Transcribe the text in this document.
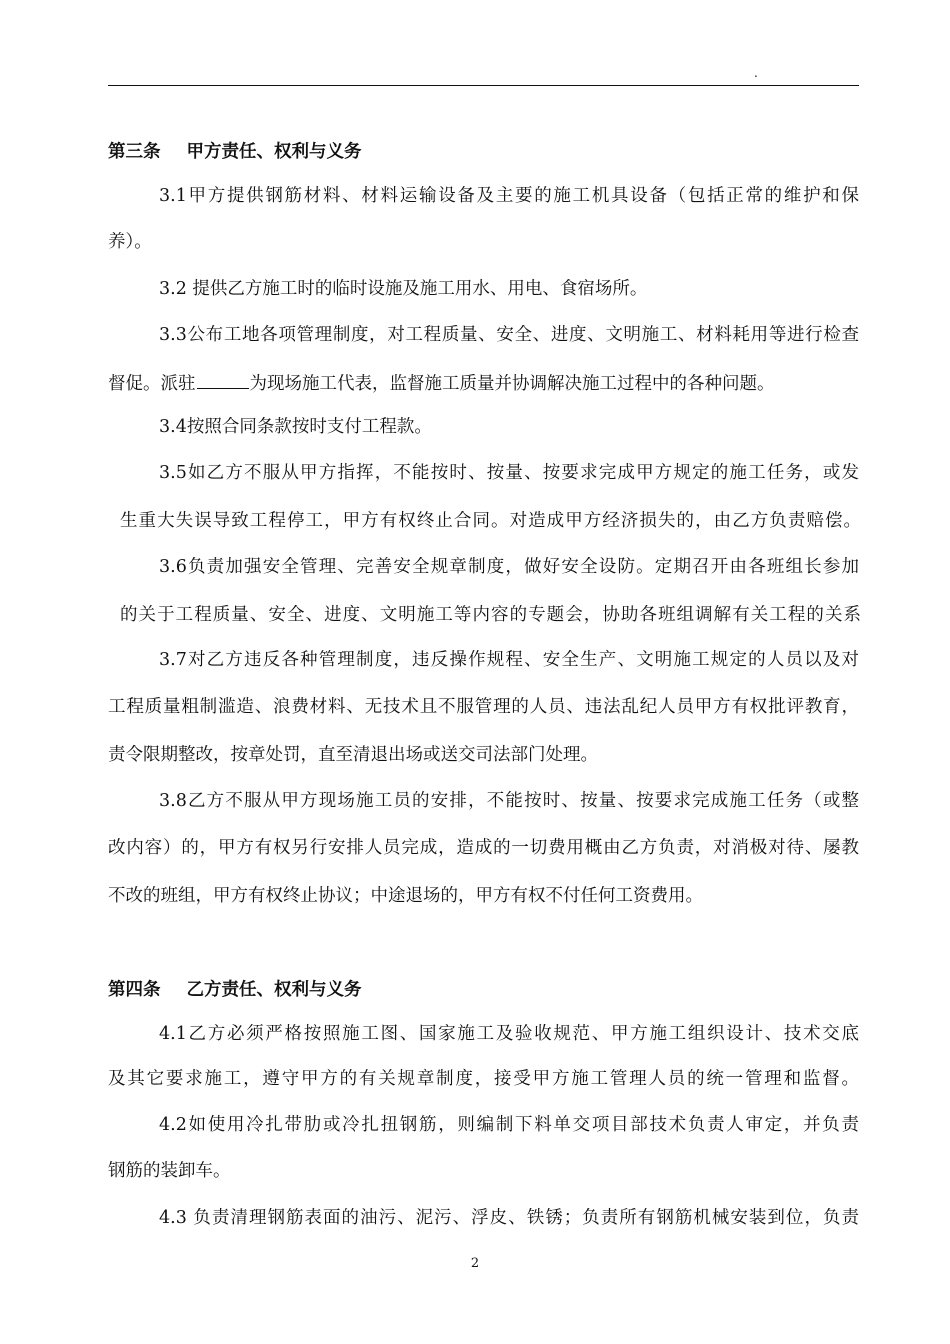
.
第三条 甲方责任、权利与义务
3.1甲方提供钢筋材料、材料运输设备及主要的施工机具设备（包括正常的维护和保
养）。
3.2 提供乙方施工时的临时设施及施工用水、用电、食宿场所。
3.3公布工地各项管理制度，对工程质量、安全、进度、文明施工、材料耗用等进行检查
督促。派驻	为现场施工代表，监督施工质量并协调解决施工过程中的各种问题。
3.4按照合同条款按时支付工程款。
3.5如乙方不服从甲方指挥，不能按时、按量、按要求完成甲方规定的施工任务，或发
生重大失误导致工程停工，甲方有权终止合同。对造成甲方经济损失的，由乙方负责赔偿。
3.6负责加强安全管理、完善安全规章制度，做好安全设防。定期召开由各班组长参加
的关于工程质量、安全、进度、文明施工等内容的专题会，协助各班组调解有关工程的关系
3.7对乙方违反各种管理制度，违反操作规程、安全生产、文明施工规定的人员以及对
工程质量粗制滥造、浪费材料、无技术且不服管理的人员、违法乱纪人员甲方有权批评教育，
责令限期整改，按章处罚，直至清退出场或送交司法部门处理。
3.8乙方不服从甲方现场施工员的安排，不能按时、按量、按要求完成施工任务（或整
改内容）的，甲方有权另行安排人员完成，造成的一切费用概由乙方负责，对消极对待、屡教
不改的班组，甲方有权终止协议；中途退场的，甲方有权不付任何工资费用。
第四条 乙方责任、权利与义务
4.1乙方必须严格按照施工图、国家施工及验收规范、甲方施工组织设计、技术交底
及其它要求施工，遵守甲方的有关规章制度，接受甲方施工管理人员的统一管理和监督。
4.2如使用冷扎带肋或冷扎扭钢筋，则编制下料单交项目部技术负责人审定，并负责
钢筋的装卸车。
4.3 负责清理钢筋表面的油污、泥污、浮皮、铁锈；负责所有钢筋机械安装到位，负责
2
